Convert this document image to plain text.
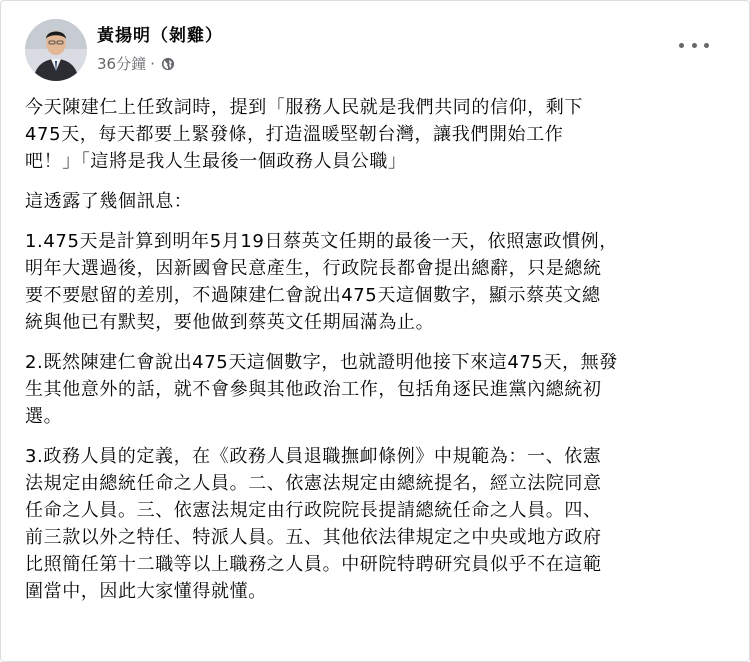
黃揚明（剝雞）
36分鐘 ·

今天陳建仁上任致詞時，提到「服務人民就是我們共同的信仰，剩下
475天，每天都要上緊發條，打造溫暖堅韌台灣，讓我們開始工作
吧！」「這將是我人生最後一個政務人員公職」

這透露了幾個訊息：

1.475天是計算到明年5月19日蔡英文任期的最後一天，依照憲政慣例，
明年大選過後，因新國會民意產生，行政院長都會提出總辭，只是總統
要不要慰留的差別，不過陳建仁會說出475天這個數字，顯示蔡英文總
統與他已有默契，要他做到蔡英文任期屆滿為止。

2.既然陳建仁會說出475天這個數字，也就證明他接下來這475天，無發
生其他意外的話，就不會參與其他政治工作，包括角逐民進黨內總統初
選。

3.政務人員的定義，在《政務人員退職撫卹條例》中規範為：一、依憲
法規定由總統任命之人員。二、依憲法規定由總統提名，經立法院同意
任命之人員。三、依憲法規定由行政院院長提請總統任命之人員。四、
前三款以外之特任、特派人員。五、其他依法律規定之中央或地方政府
比照簡任第十二職等以上職務之人員。中研院特聘研究員似乎不在這範
圍當中，因此大家懂得就懂。
